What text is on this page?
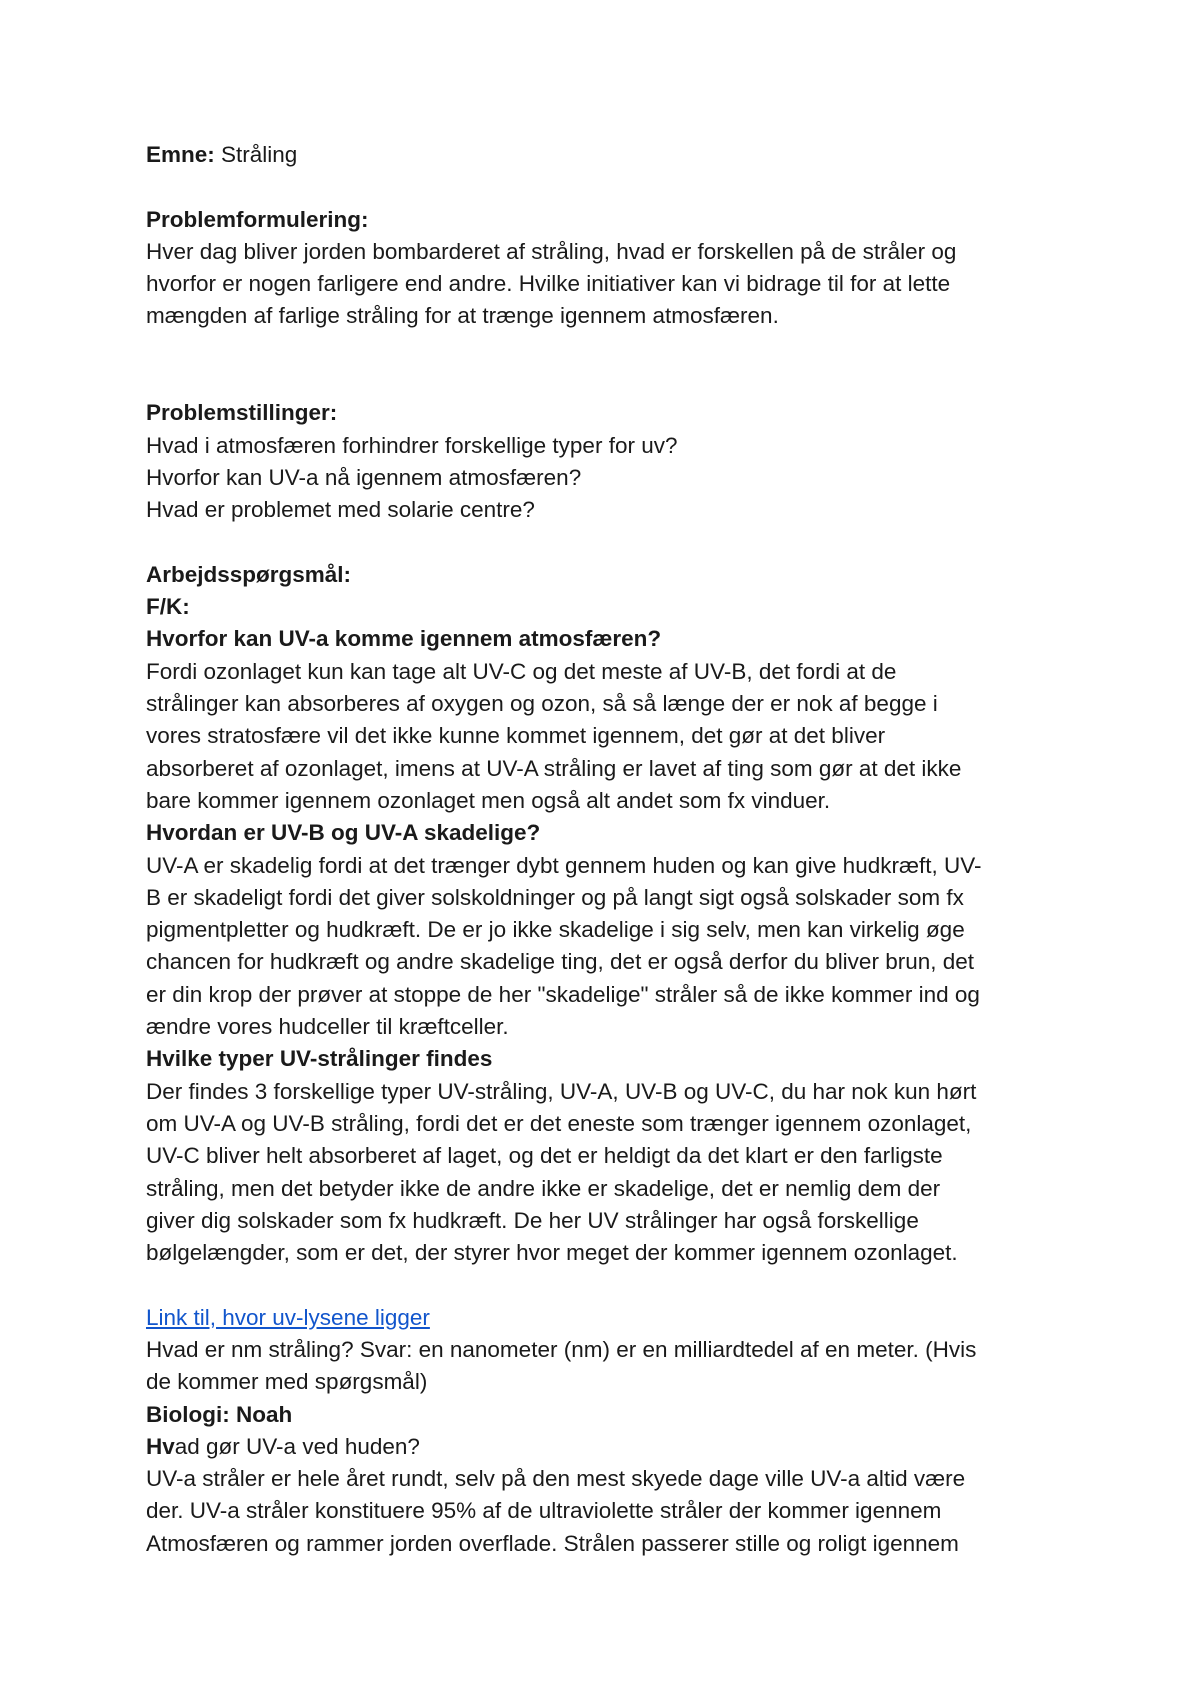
Emne: Stråling
Problemformulering:
Hver dag bliver jorden bombarderet af stråling, hvad er forskellen på de stråler og
hvorfor er nogen farligere end andre. Hvilke initiativer kan vi bidrage til for at lette
mængden af farlige stråling for at trænge igennem atmosfæren.
Problemstillinger:
Hvad i atmosfæren forhindrer forskellige typer for uv?
Hvorfor kan UV-a nå igennem atmosfæren?
Hvad er problemet med solarie centre?
Arbejdsspørgsmål:
F/K:
Hvorfor kan UV-a komme igennem atmosfæren?
Fordi ozonlaget kun kan tage alt UV-C og det meste af UV-B, det fordi at de
strålinger kan absorberes af oxygen og ozon, så så længe der er nok af begge i
vores stratosfære vil det ikke kunne kommet igennem, det gør at det bliver
absorberet af ozonlaget, imens at UV-A stråling er lavet af ting som gør at det ikke
bare kommer igennem ozonlaget men også alt andet som fx vinduer.
Hvordan er UV-B og UV-A skadelige?
UV-A er skadelig fordi at det trænger dybt gennem huden og kan give hudkræft, UV-
B er skadeligt fordi det giver solskoldninger og på langt sigt også solskader som fx
pigmentpletter og hudkræft. De er jo ikke skadelige i sig selv, men kan virkelig øge
chancen for hudkræft og andre skadelige ting, det er også derfor du bliver brun, det
er din krop der prøver at stoppe de her "skadelige" stråler så de ikke kommer ind og
ændre vores hudceller til kræftceller.
Hvilke typer UV-strålinger findes
Der findes 3 forskellige typer UV-stråling, UV-A, UV-B og UV-C, du har nok kun hørt
om UV-A og UV-B stråling, fordi det er det eneste som trænger igennem ozonlaget,
UV-C bliver helt absorberet af laget, og det er heldigt da det klart er den farligste
stråling, men det betyder ikke de andre ikke er skadelige, det er nemlig dem der
giver dig solskader som fx hudkræft. De her UV strålinger har også forskellige
bølgelængder, som er det, der styrer hvor meget der kommer igennem ozonlaget.
Link til, hvor uv-lysene ligger
Hvad er nm stråling? Svar: en nanometer (nm) er en milliardtedel af en meter. (Hvis
de kommer med spørgsmål)
Biologi: Noah
Hvad gør UV-a ved huden?
UV-a stråler er hele året rundt, selv på den mest skyede dage ville UV-a altid være
der. UV-a stråler konstituere 95% af de ultraviolette stråler der kommer igennem
Atmosfæren og rammer jorden overflade. Strålen passerer stille og roligt igennem
